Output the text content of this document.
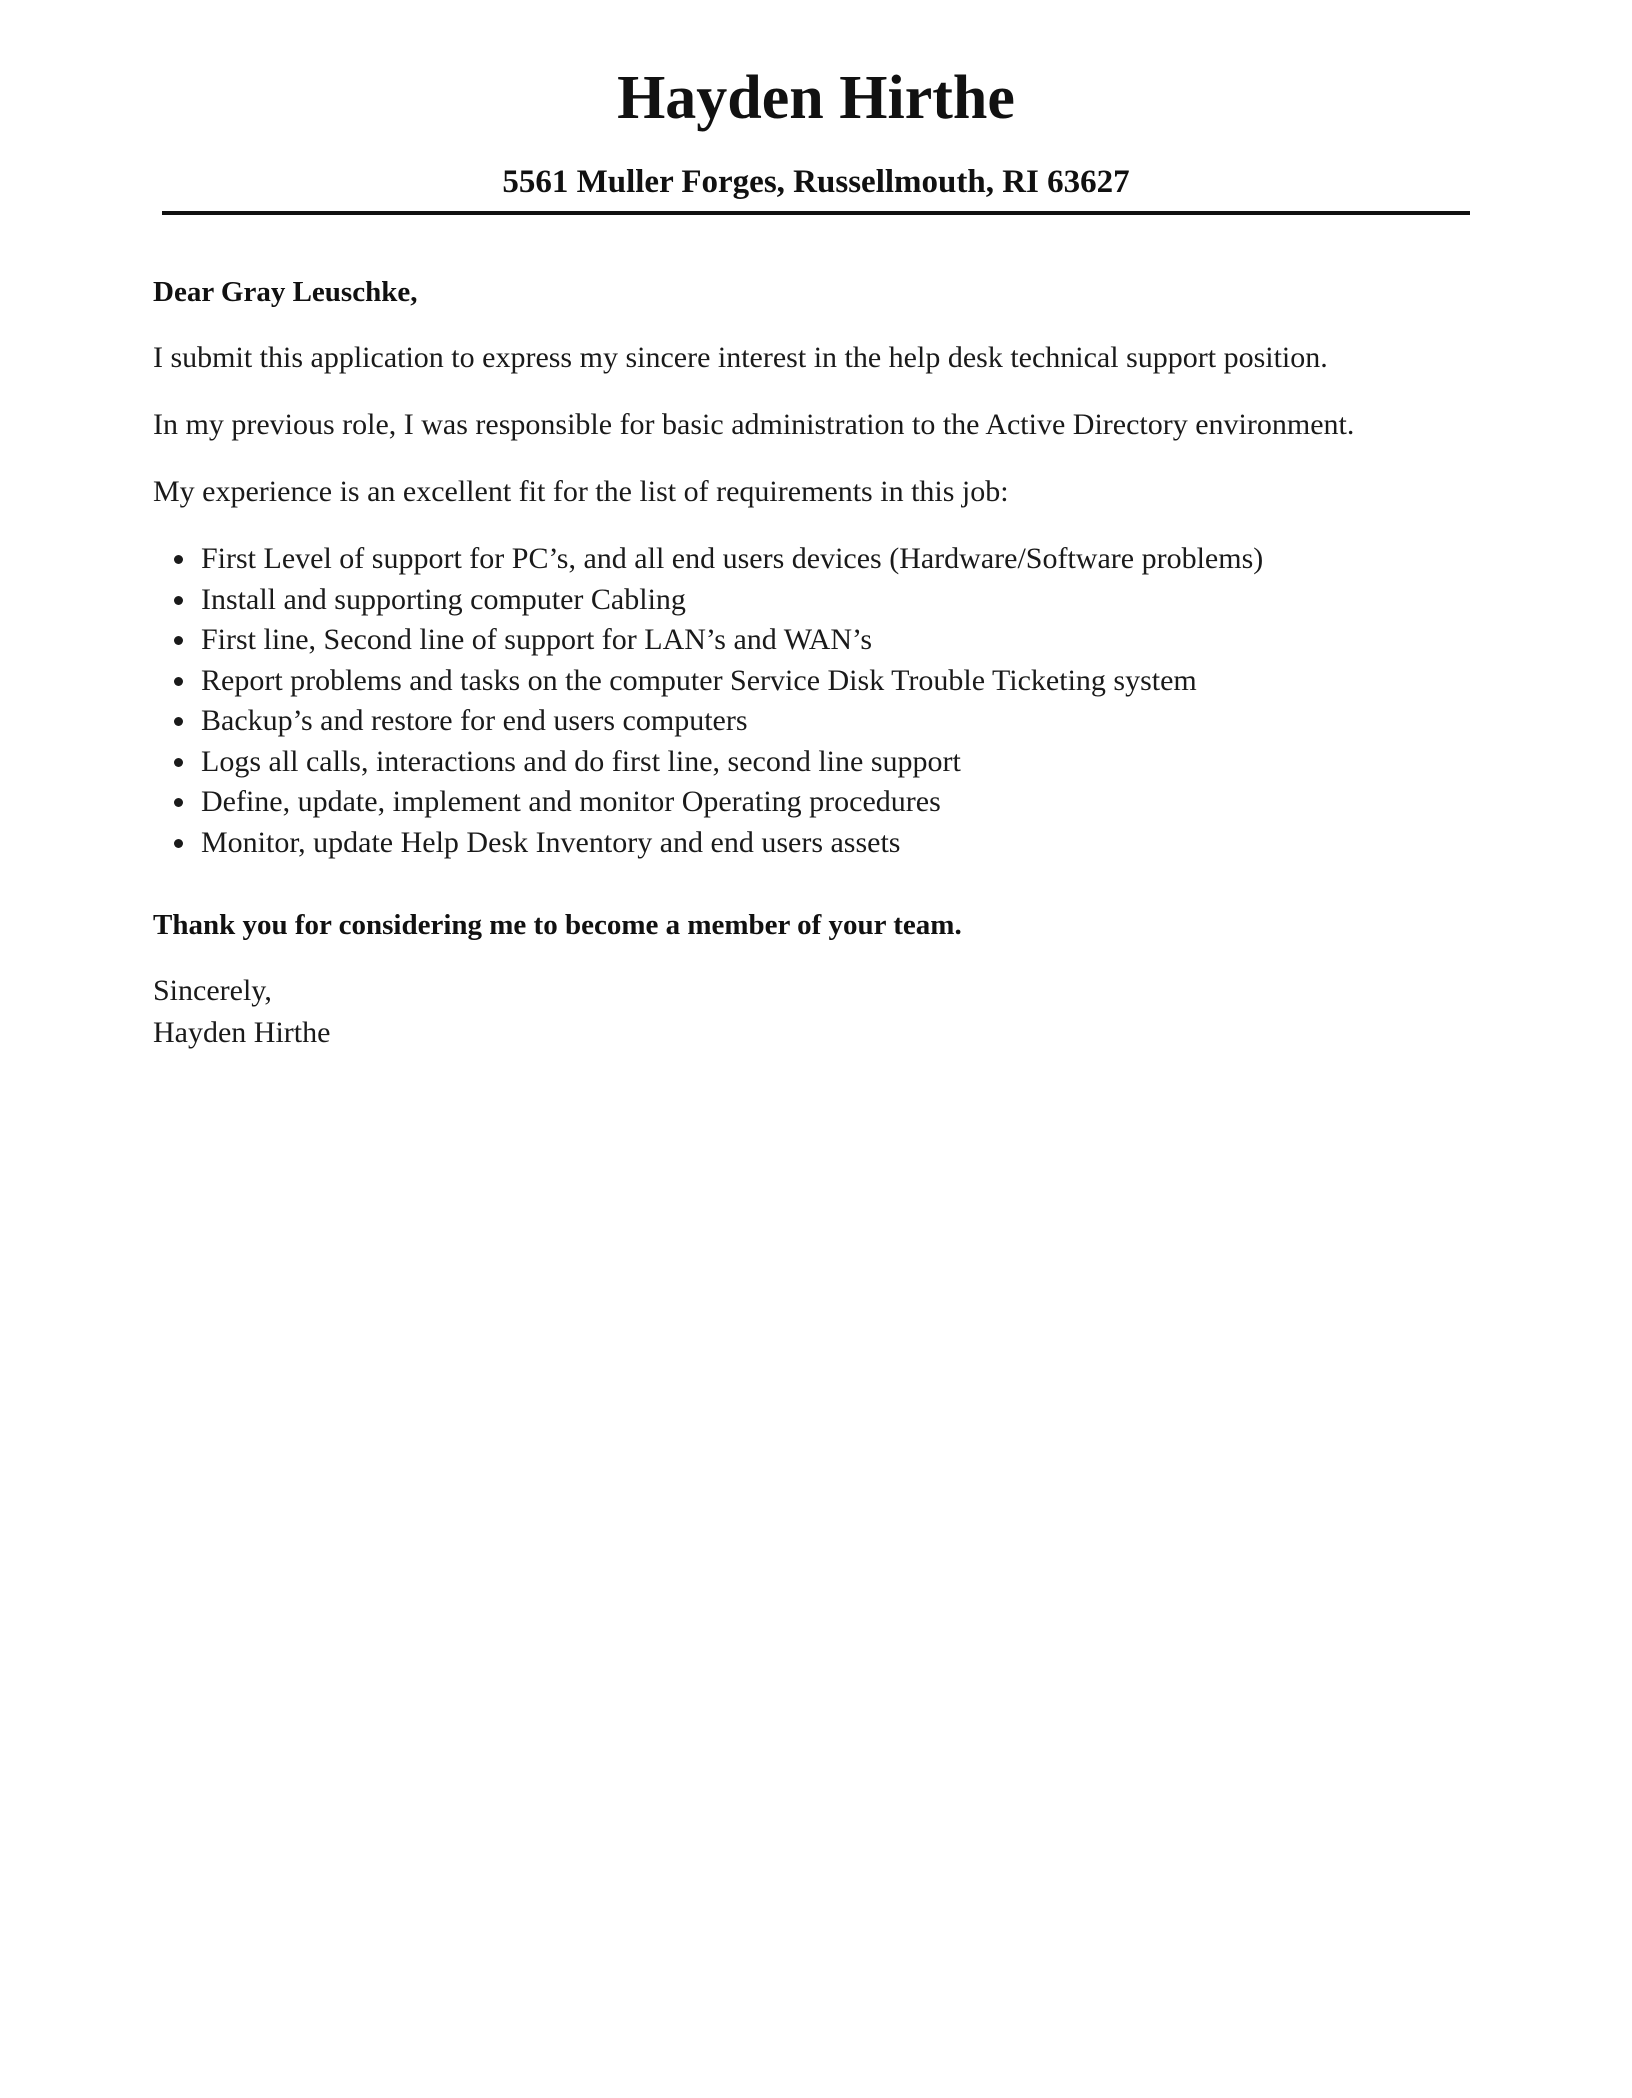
Hayden Hirthe
5561 Muller Forges, Russellmouth, RI 63627

Dear Gray Leuschke,

I submit this application to express my sincere interest in the help desk technical support position.

In my previous role, I was responsible for basic administration to the Active Directory environment.

My experience is an excellent fit for the list of requirements in this job:

First Level of support for PC’s, and all end users devices (Hardware/Software problems)
Install and supporting computer Cabling
First line, Second line of support for LAN’s and WAN’s
Report problems and tasks on the computer Service Disk Trouble Ticketing system
Backup’s and restore for end users computers
Logs all calls, interactions and do first line, second line support
Define, update, implement and monitor Operating procedures
Monitor, update Help Desk Inventory and end users assets

Thank you for considering me to become a member of your team.

Sincerely,

Hayden Hirthe
